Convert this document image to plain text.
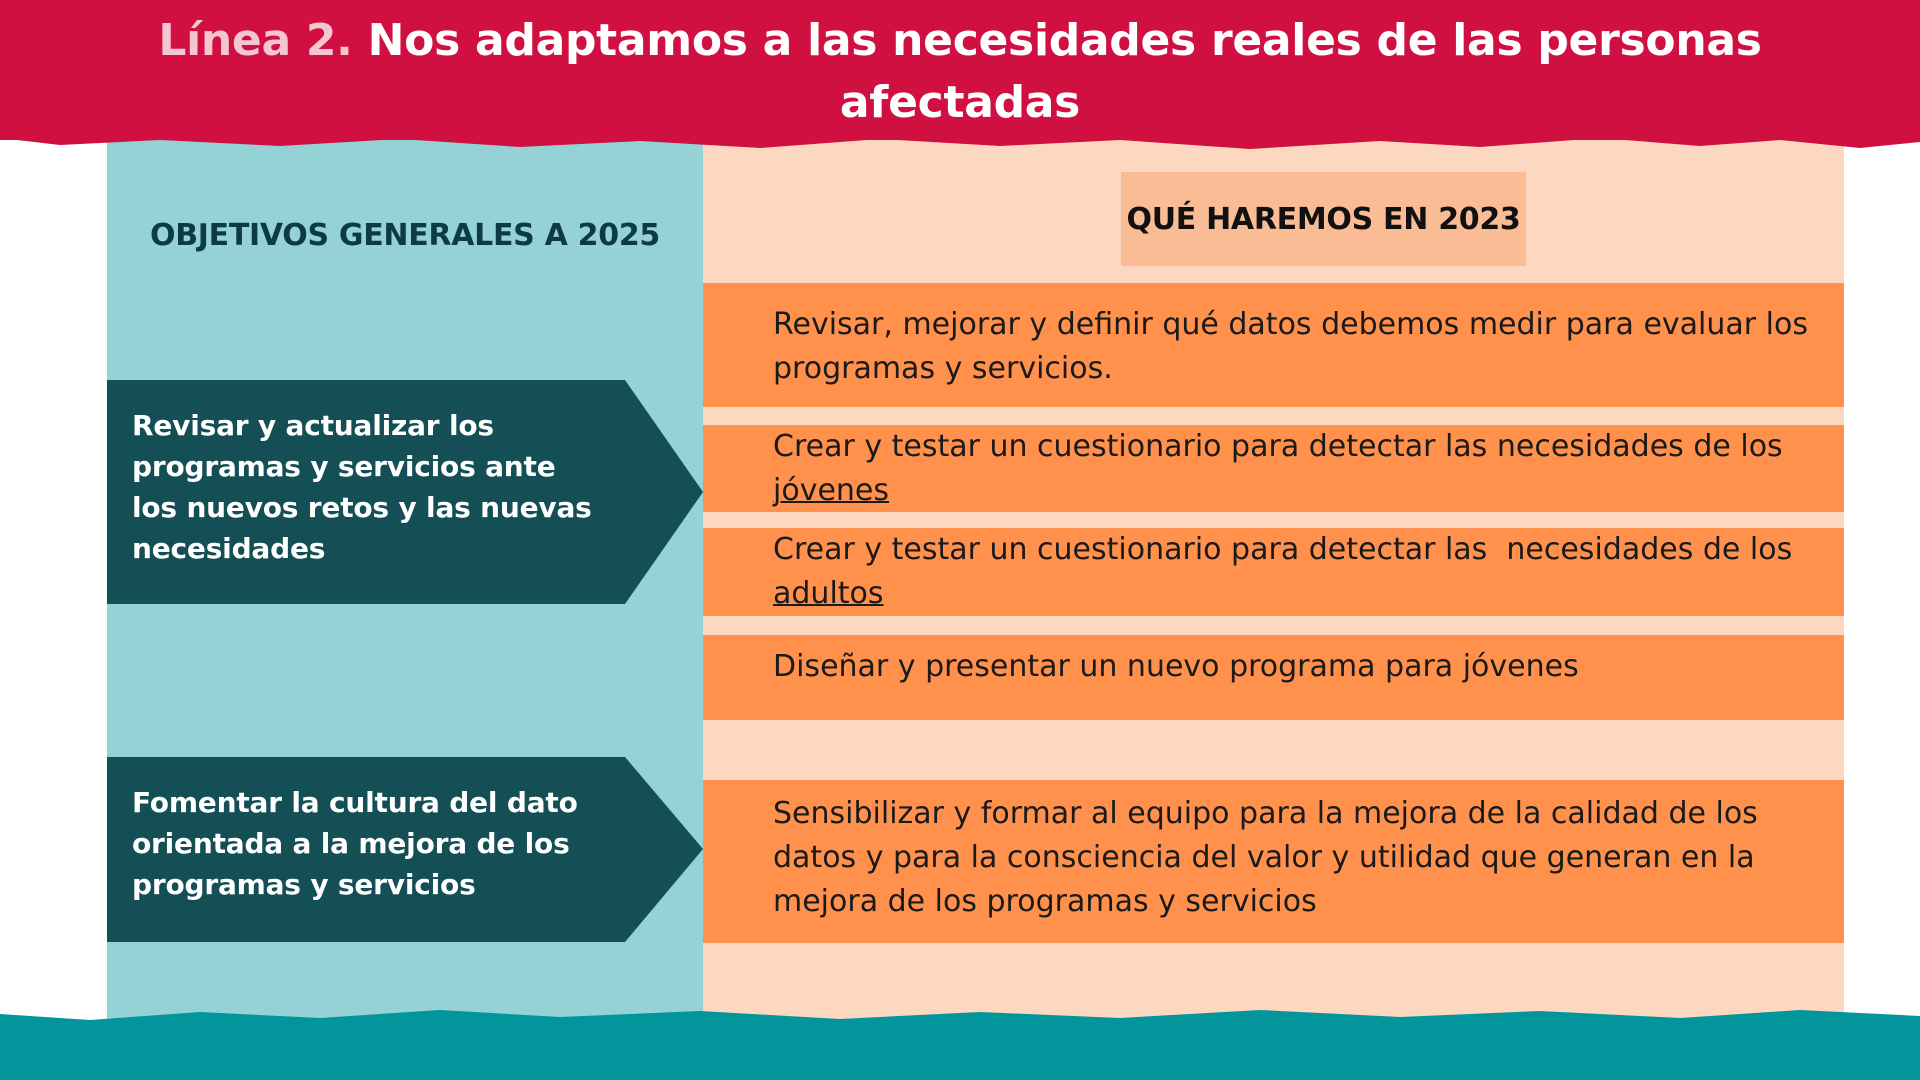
Línea 2. Nos adaptamos a las necesidades reales de las personas afectadas

OBJETIVOS GENERALES A 2025	QUÉ HAREMOS EN 2023
Revisar y actualizar los programas y servicios ante los nuevos retos y las nuevas necesidades
Fomentar la cultura del dato orientada a la mejora de los programas y servicios
Revisar, mejorar y definir qué datos debemos medir para evaluar los programas y servicios.
Crear y testar un cuestionario para detectar las necesidades de los jóvenes
Crear y testar un cuestionario para detectar las  necesidades de los  adultos
Diseñar y presentar un nuevo programa para jóvenes
Sensibilizar y formar al equipo para la mejora de la calidad de los datos y para la consciencia del valor y utilidad que generan en la mejora de los programas y servicios
